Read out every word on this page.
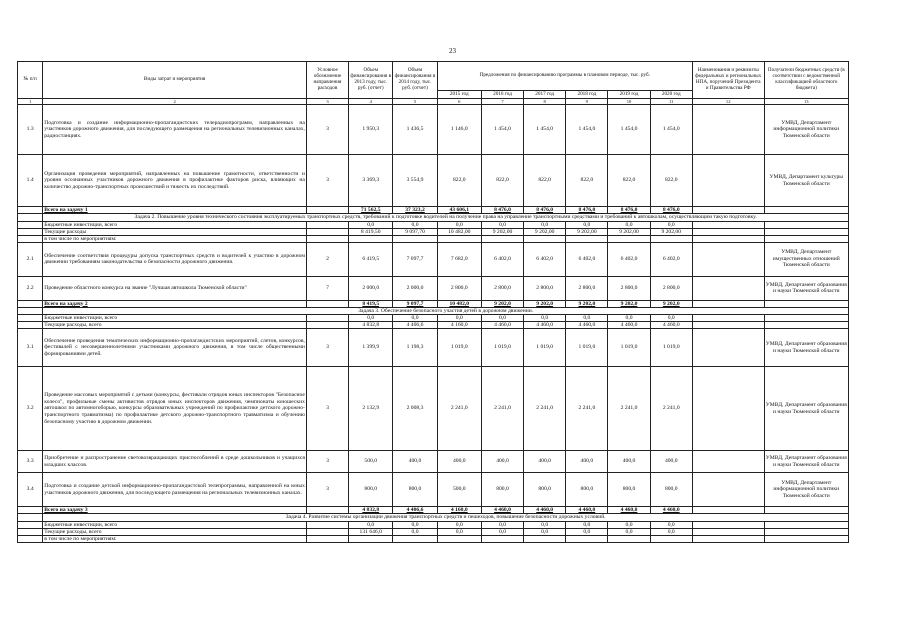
23
№ п/п	Виды затрат и мероприятия	Условное обозначение направления расходов	Объем финансирования в 2013 году, тыс. руб. (отчет)	Объем финансирования в 2014 году, тыс. руб. (отчет)	Предложения по финансированию программы в плановом периоде, тыс. руб.						Наименования и реквизиты федеральных и региональных НПА, поручений Президента и Правительства РФ	Получатели бюджетных средств (в соответствии с ведомственной классификацией областного бюджета)
					2015 год	2016 год	2017 год	2018 год	2019 год	2020 год		
1	2	3	4	5	6	7	8	9	10	11	12	13
1.3	Подготовка и создание информационно-пропагандистских телерадиопрограмм, направленных на участников дорожного движения, для последующего размещения на региональных телевизионных каналах, радиостанциях.	3	1 950,3	1 436,5	1 146,0	1 454,0	1 454,0	1 454,0	1 454,0	1 454,0		УМВД, Департамент информационной политики Тюменской области
1.4	Организация проведения мероприятий, направленных на повышение грамотности, ответственности и уровня осознанных участников дорожного движения в профилактике факторов риска, влияющих на количество дорожно-транспортных происшествий и тяжесть их последствий.	3	3 369,3	3 554,9	822,0	822,0	822,0	822,0	822,0	822,0		УМВД, Департамент культуры Тюменской области
	Всего на задачу 1		71 562,5	37 323,2	43 606,1	8 476,0	8 476,0	8 476,0	8 476,0	8 476,0		
	Задача 2. Повышение уровня технического состояния эксплуатируемых транспортных средств, требований к подготовке водителей на получение права на управление транспортными средствами и требований к автошколам, осуществляющим такую подготовку.											
	Бюджетные инвестиции, всего		0,0	0,0	0,0	0,0	0,0	0,0	0,0	0,0		
	Текущие расходы		8 419,50	9 097,70	10 482,00	9 202,00	9 202,00	9 202,00	9 202,00	9 202,00		
	в том числе по мероприятиям:											
2.1	Обеспечение соответствия процедуры допуска транспортных средств и водителей к участию в дорожном движении требованиям законодательства о безопасности дорожного движения.	2	6 419,5	7 097,7	7 682,0	6 402,0	6 402,0	6 402,0	6 402,0	6 402,0		УМВД, Департамент имущественных отношений Тюменской области
2.2	Проведение областного конкурса на звание "Лучшая автошкола Тюменской области"	7	2 000,0	2 000,0	2 800,0	2 800,0	2 800,0	2 800,0	2 800,0	2 800,0		УМВД, Департамент образования и науки Тюменской области
	Всего на задачу 2		8 419,5	9 097,7	10 482,0	9 202,0	9 202,0	9 202,0	9 202,0	9 202,0		
	Задача 3. Обеспечение безопасного участия детей в дорожном движении.											
	Бюджетные инвестиции, всего		0,0	0,0	0,0	0,0	0,0	0,0	0,0	0,0		
	Текущие расходы, всего		4 832,8	4 406,6	4 160,0	4 460,0	4 460,0	4 460,0	4 460,0	4 460,0		
3.1	Обеспечение проведения тематических информационно-пропагандистских мероприятий, слетов, конкурсов, фестивалей с несовершеннолетними участниками дорожного движения, в том числе общественными формированиями детей.	3	1 399,9	1 198,3	1 019,0	1 019,0	1 019,0	1 019,0	1 019,0	1 019,0		УМВД, Департамент образования и науки Тюменской области
3.2	Проведение массовых мероприятий с детьми (конкурсы, фестивали отрядов юных инспекторов "Безопасное колесо", профильные смены активистов отрядов юных инспекторов движения, чемпионаты юношеских автошкол по автомногоборью, конкурсы образовательных учреждений по профилактике детского дорожно-транспортного травматизма) по профилактике детского дорожно-транспортного травматизма и обучению безопасному участию в дорожном движении.	3	2 132,9	2 008,3	2 241,0	2 241,0	2 241,0	2 241,0	2 241,0	2 241,0		УМВД, Департамент образования и науки Тюменской области
3.3	Приобретение и распространение световозвращающих приспособлений в среде дошкольников и учащихся младших классов.	3	500,0	400,0	400,0	400,0	400,0	400,0	400,0	400,0		УМВД, Департамент образования и науки Тюменской области
3.4	Подготовка и создание детской информационно-пропагандистской телепрограммы, направленной на юных участников дорожного движения, для последующего размещения на региональных телевизионных каналах.	3	800,0	800,0	500,0	800,0	800,0	800,0	800,0	800,0		УМВД, Департамент информационной политики Тюменской области
	Всего на задачу 3		4 832,8	4 406,6	4 160,0	4 460,0	4 460,0	4 460,0	4 460,0	4 460,0		
	Задача 4. Развитие системы организации движения транспортных средств и пешеходов, повышение безопасности дорожных условий.											
	Бюджетные инвестиции, всего		0,0	0,0	0,0	0,0	0,0	0,0	0,0	0,0		
	Текущие расходы, всего		131 646,0	0,0	0,0	0,0	0,0	0,0	0,0	0,0		
	в том числе по мероприятиям:											
